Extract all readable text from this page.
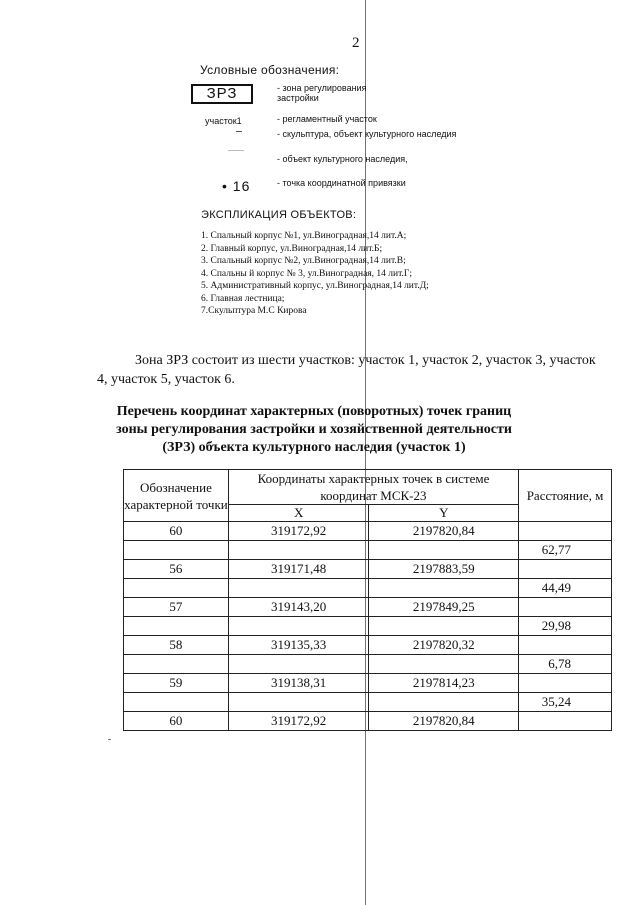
2
Условные обозначения:
ЗРЗ	- зона регулирования застройки
участок1	- регламентный участок
- скульптура, объект культурного наследия
- объект культурного наследия,
• 16	- точка координатной привязки
ЭКСПЛИКАЦИЯ ОБЪЕКТОВ:
1. Спальный корпус №1, ул.Виноградная,14 лит.А;
2. Главный корпус, ул.Виноградная,14 лит.Б;
3. Спальный корпус №2, ул.Виноградная,14 лит.В;
4. Спальны й корпус № 3, ул.Виноградная, 14 лит.Г;
5. Административный корпус, ул.Виноградная,14 лит.Д;
6. Главная лестница;
7.Скульптура М.С Кирова
Зона ЗРЗ состоит из шести участков: участок 1, участок 2, участок 3, участок 4, участок 5, участок 6.
Перечень координат характерных (поворотных) точек границ зоны регулирования застройки и хозяйственной деятельности (ЗРЗ) объекта культурного наследия (участок 1)
Обозначение характерной точки	Координаты характерных точек в системе координат МСК-23		Расстояние, м
	X	Y	
60	319172,92	2197820,84	
			62,77
56	319171,48	2197883,59	
			44,49
57	319143,20	2197849,25	
			29,98
58	319135,33	2197820,32	
			6,78
59	319138,31	2197814,23	
			35,24
60	319172,92	2197820,84	
